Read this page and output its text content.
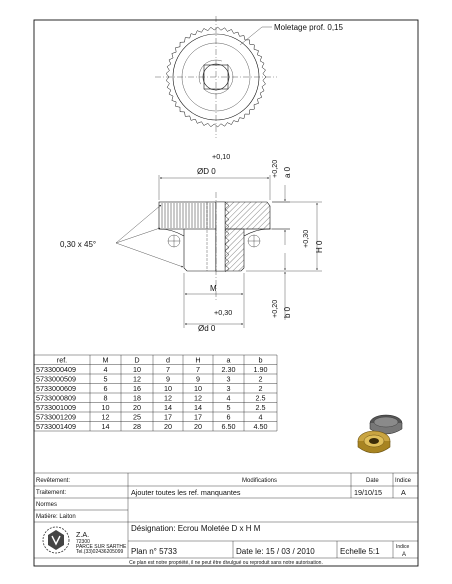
Moletage prof. 0,15
+0,10
ØD 0	+0,20 a 0
+0,30 H 0
+0,20 b 0
0,30 x 45°
M
+0,30
Ød 0
ref.	M	D	d	H	a	b
5733000409	4	10	7	7	2.30	1.90
5733000509	5	12	9	9	3	2
5733000609	6	16	10	10	3	2
5733000809	8	18	12	12	4	2.5
5733001009	10	20	14	14	5	2.5
5733001209	12	25	17	17	6	4
5733001409	14	28	20	20	6.50	4.50
Revêtement:
Traitement:
Normes
Matière: Laiton
Modifications	Date	Indice
Ajouter toutes les ref. manquantes	19/10/15	A
Désignation: Ecrou Moletée D x H M
Plan n° 5733	Date le: 15 / 03 / 2010	Echelle 5:1	Indice
A
Z.A.
72300
PARCE SUR SARTHE
Tel.(33)02436205099
Ce plan est notre propriété, il ne peut être divulgué ou reproduit sans notre autorisation.
